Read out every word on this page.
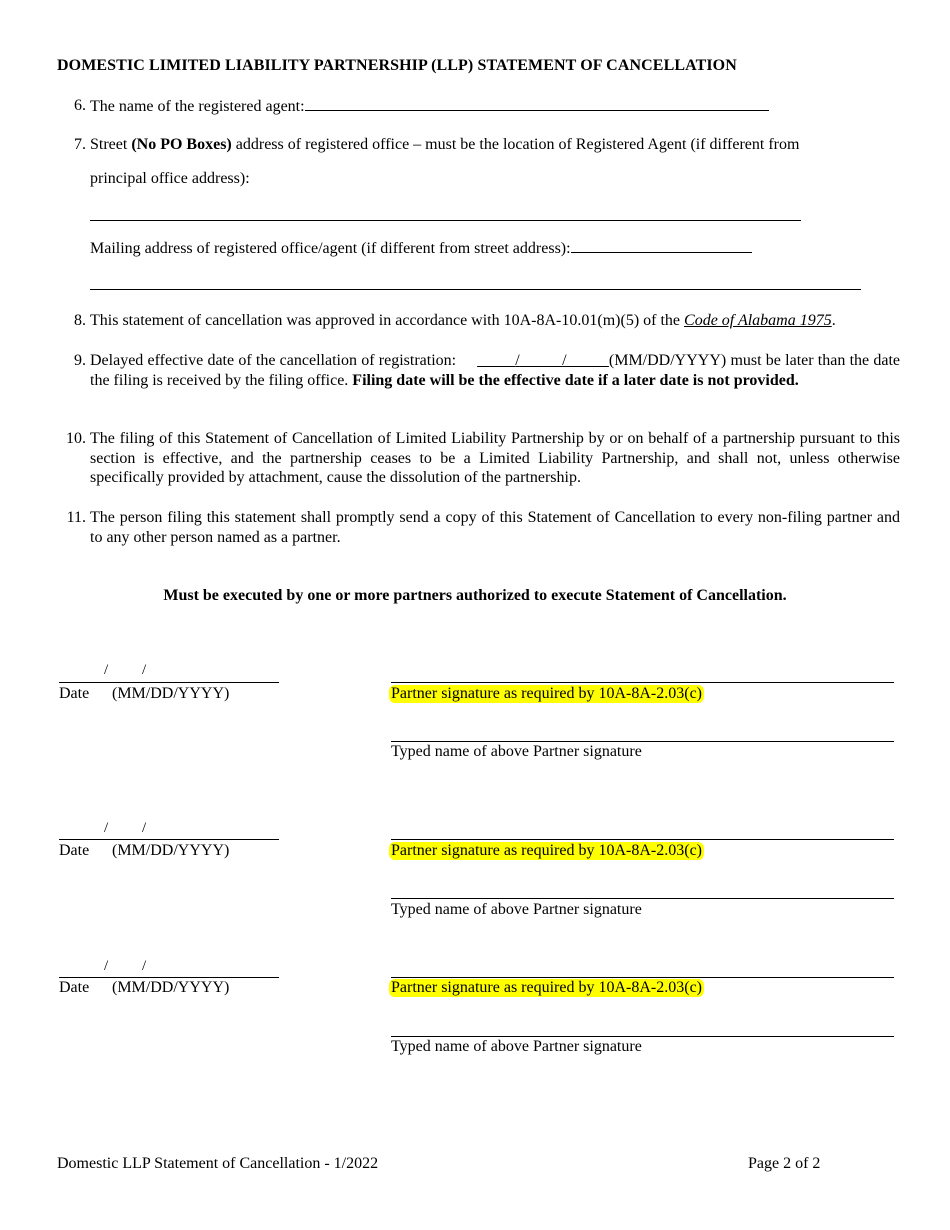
DOMESTIC LIMITED LIABILITY PARTNERSHIP (LLP) STATEMENT OF CANCELLATION
6. The name of the registered agent:
7. Street (No PO Boxes) address of registered office – must be the location of Registered Agent (if different from
principal office address):
Mailing address of registered office/agent (if different from street address):
8. This statement of cancellation was approved in accordance with 10A-8A-10.01(m)(5) of the Code of Alabama 1975.
9. Delayed effective date of the cancellation of registration:	/	/	(MM/DD/YYYY) must be later than the date the filing is received by the filing office. Filing date will be the effective date if a later date is not provided.
10. The filing of this Statement of Cancellation of Limited Liability Partnership by or on behalf of a partnership pursuant to this section is effective, and the partnership ceases to be a Limited Liability Partnership, and shall not, unless otherwise specifically provided by attachment, cause the dissolution of the partnership.
11. The person filing this statement shall promptly send a copy of this Statement of Cancellation to every non-filing partner and to any other person named as a partner.
Must be executed by one or more partners authorized to execute Statement of Cancellation.
/ /
Date (MM/DD/YYYY)	Partner signature as required by 10A-8A-2.03(c)
Typed name of above Partner signature
/ /
Date (MM/DD/YYYY)	Partner signature as required by 10A-8A-2.03(c)
Typed name of above Partner signature
/ /
Date (MM/DD/YYYY)	Partner signature as required by 10A-8A-2.03(c)
Typed name of above Partner signature
Domestic LLP Statement of Cancellation - 1/2022	Page 2 of 2
